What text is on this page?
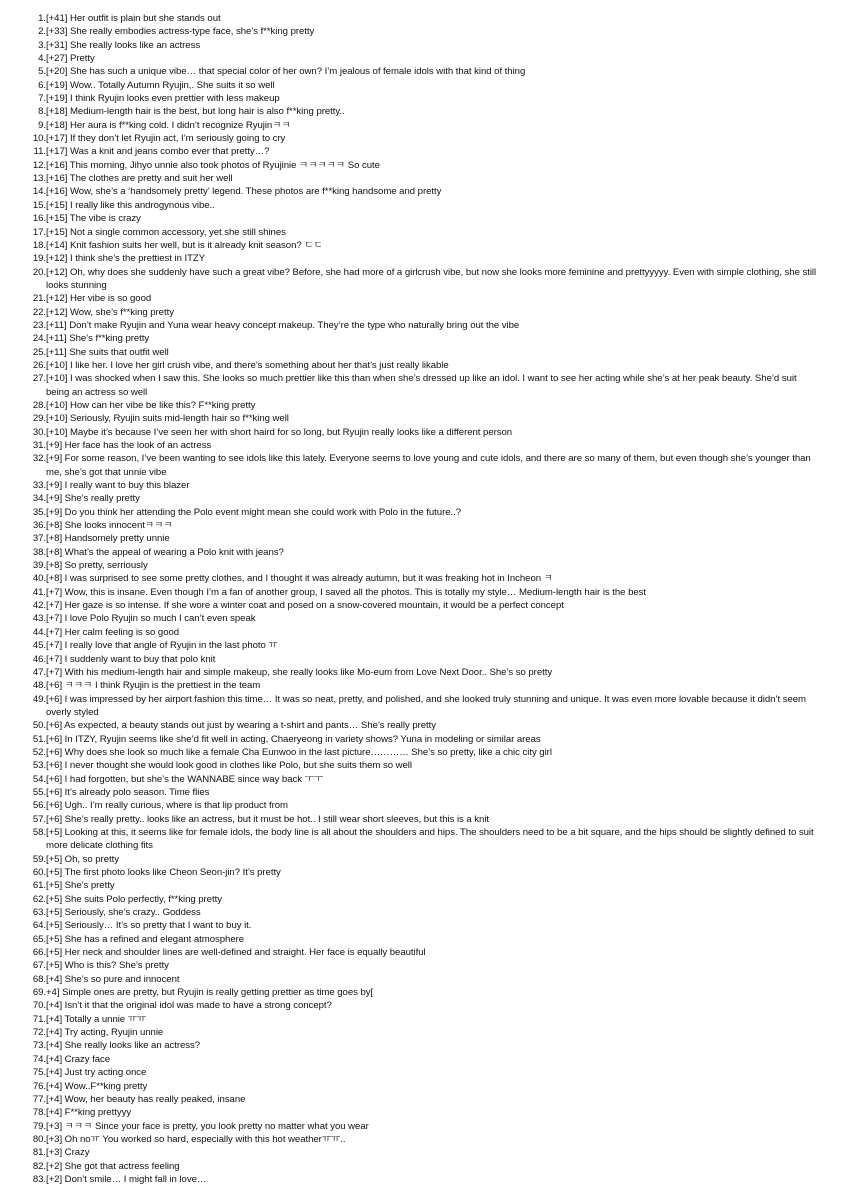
1. [+41] Her outfit is plain but she stands out
2. [+33] She really embodies actress-type face, she’s f**king pretty
3. [+31] She really looks like an actress
4. [+27] Pretty
5. [+20] She has such a unique vibe… that special color of her own? I’m jealous of female idols with that kind of thing
6. [+19] Wow.. Totally Autumn Ryujin,. She suits it so well
7. [+19] I think Ryujin looks even prettier with less makeup
8. [+18] Medium-length hair is the best, but long hair is also f**king pretty..
9. [+18] Her aura is f**king cold. I didn’t recognize Ryujinㅋㅋ
10. [+17] If they don’t let Ryujin act, I’m seriously going to cry
11. [+17] Was a knit and jeans combo ever that pretty…?
12. [+16] This morning, Jihyo unnie also took photos of Ryujinie ㅋㅋㅋㅋㅋ So cute
13. [+16] The clothes are pretty and suit her well
14. [+16] Wow, she’s a ‘handsomely pretty’ legend. These photos are f**king handsome and pretty
15. [+15] I really like this androgynous vibe..
16. [+15] The vibe is crazy
17. [+15] Not a single common accessory, yet she still shines
18. [+14] Knit fashion suits her well, but is it already knit season? ㄷㄷ
19. [+12] I think she’s the prettiest in ITZY
20. [+12] Oh, why does she suddenly have such a great vibe? Before, she had more of a girlcrush vibe, but now she looks more feminine and prettyyyyy. Even with simple clothing, she still looks stunning
21. [+12] Her vibe is so good
22. [+12] Wow, she’s f**king pretty
23. [+11] Don’t make Ryujin and Yuna wear heavy concept makeup. They’re the type who naturally bring out the vibe
24. [+11] She’s f**king pretty
25. [+11] She suits that outfit well
26. [+10] I like her. I love her girl crush vibe, and there’s something about her that’s just really likable
27. [+10] I was shocked when I saw this. She looks so much prettier like this than when she’s dressed up like an idol. I want to see her acting while she’s at her peak beauty. She’d suit being an actress so well
28. [+10] How can her vibe be like this? F**king pretty
29. [+10] Seriously, Ryujin suits mid-length hair so f**king well
30. [+10] Maybe it’s because I’ve seen her with short haird for so long, but Ryujin really looks like a different person
31. [+9] Her face has the look of an actress
32. [+9] For some reason, I’ve been wanting to see idols like this lately. Everyone seems to love young and cute idols, and there are so many of them, but even though she’s younger than me, she’s got that unnie vibe
33. [+9] I really want to buy this blazer
34. [+9] She’s really pretty
35. [+9] Do you think her attending the Polo event might mean she could work with Polo in the future..?
36. [+8] She looks innocentㅋㅋㅋ
37. [+8] Handsomely pretty unnie
38. [+8] What’s the appeal of wearing a Polo knit with jeans?
39. [+8] So pretty, serriously
40. [+8] I was surprised to see some pretty clothes, and I thought it was already autumn, but it was freaking hot in Incheon ㅋ
41. [+7] Wow, this is insane. Even though I’m a fan of another group, I saved all the photos. This is totally my style… Medium-length hair is the best
42. [+7] Her gaze is so intense. If she wore a winter coat and posed on a snow-covered mountain, it would be a perfect concept
43. [+7] I love Polo Ryujin so much I can’t even speak
44. [+7] Her calm feeling is so good
45. [+7] I really love that angle of Ryujin in the last photo ㅠ
46. [+7] I suddenly want to buy that polo knit
47. [+7] With his medium-length hair and simple makeup, she really looks like Mo-eum from Love Next Door.. She’s so pretty
48. [+6] ㅋㅋㅋ I think Ryujin is the prettiest in the team
49. [+6] I was impressed by her airport fashion this time… It was so neat, pretty, and polished, and she looked truly stunning and unique. It was even more lovable because it didn’t seem overly styled
50. [+6] As expected, a beauty stands out just by wearing a t-shirt and pants… She’s really pretty
51. [+6] In ITZY, Ryujin seems like she’d fit well in acting, Chaeryeong in variety shows? Yuna in modeling or similar areas
52. [+6] Why does she look so much like a female Cha Eunwoo in the last picture………… She’s so pretty, like a chic city girl
53. [+6] I never thought she would look good in clothes like Polo, but she suits them so well
54. [+6] I had forgotten, but she’s the WANNABE since way back ㅜㅜ
55. [+6] It’s already polo season. Time flies
56. [+6] Ugh.. I’m really curious, where is that lip product from
57. [+6] She’s really pretty.. looks like an actress, but it must be hot.. I still wear short sleeves, but this is a knit
58. [+5] Looking at this, it seems like for female idols, the body line is all about the shoulders and hips. The shoulders need to be a bit square, and the hips should be slightly defined to suit more delicate clothing fits
59. [+5] Oh, so pretty
60. [+5] The first photo looks like Cheon Seon-jin? It’s pretty
61. [+5] She’s pretty
62. [+5] She suits Polo perfectly, f**king pretty
63. [+5] Seriously, she’s crazy.. Goddess
64. [+5] Seriously… It’s so pretty that I want to buy it.
65. [+5] She has a refined and elegant atmosphere
66. [+5] Her neck and shoulder lines are well-defined and straight. Her face is equally beautiful
67. [+5] Who is this? She’s pretty
68. [+4] She’s so pure and innocent
69. +4] Simple ones are pretty, but Ryujin is really getting prettier as time goes by[
70. [+4] Isn’t it that the original idol was made to have a strong concept?
71. [+4] Totally a unnie ㅠㅠ
72. [+4] Try acting, Ryujin unnie
73. [+4] She really looks like an actress?
74. [+4] Crazy face
75. [+4] Just try acting once
76. [+4] Wow..F**king pretty
77. [+4] Wow, her beauty has really peaked, insane
78. [+4] F**king prettyyy
79. [+3] ㅋㅋㅋ Since your face is pretty, you look pretty no matter what you wear
80. [+3] Oh noㅠ You worked so hard, especially with this hot weatherㅠㅠ..
81. [+3] Crazy
82. [+2] She got that actress feeling
83. [+2] Don’t smile… I might fall in love…
